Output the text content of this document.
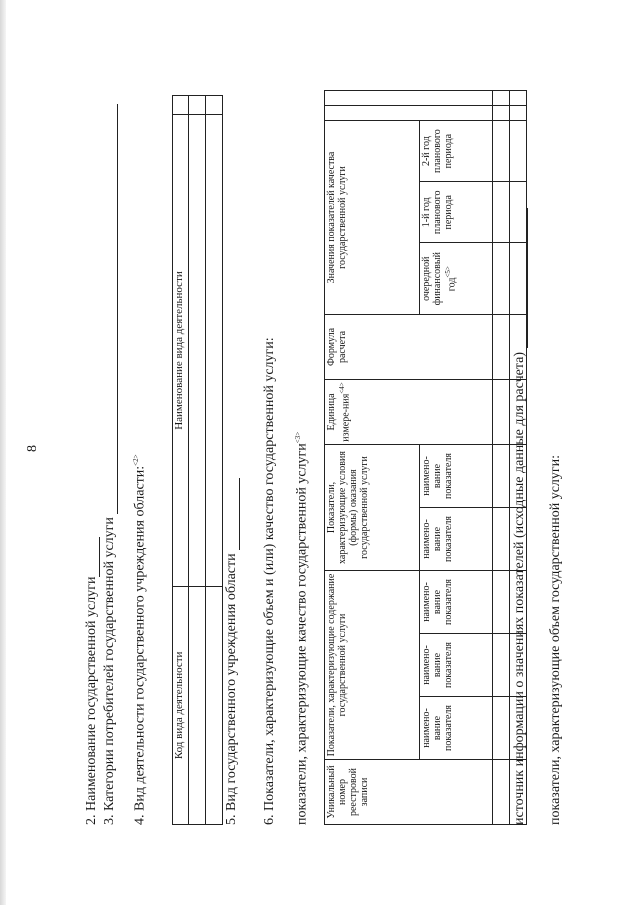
8
2. Наименование государственной услуги 3. Категории потребителей государственной услуги 4. Вид деятельности государственного учреждения области:$^{<2>}$
Код вида деятельности	Наименование вида деятельности	

5. Вид государственного учреждения области 6. Показатели, характеризующие объем и (или) качество государственной услуги: показатели, характеризующие качество государственной услуги$^{<3>}$
Уникальный номер реестровой записи	Показатели, характеризующие содержание государственной услуги			Показатели, характеризующие условия (формы) оказания государственной услуги		Единица измере-ния$^{<4>}$	Формула расчета	Значения показателей качества государственной услуги				
	наимено-вание показателя	наимено-вание показателя	наимено-вание показателя	наимено-вание показателя	наимено-вание показателя			очередной финансовый год$^{<5>}$	1-й год планового периода	2-й год планового периода		

источник информации о значениях показателей (исходные данные для расчета) показатели, характеризующие объем государственной услуги:
